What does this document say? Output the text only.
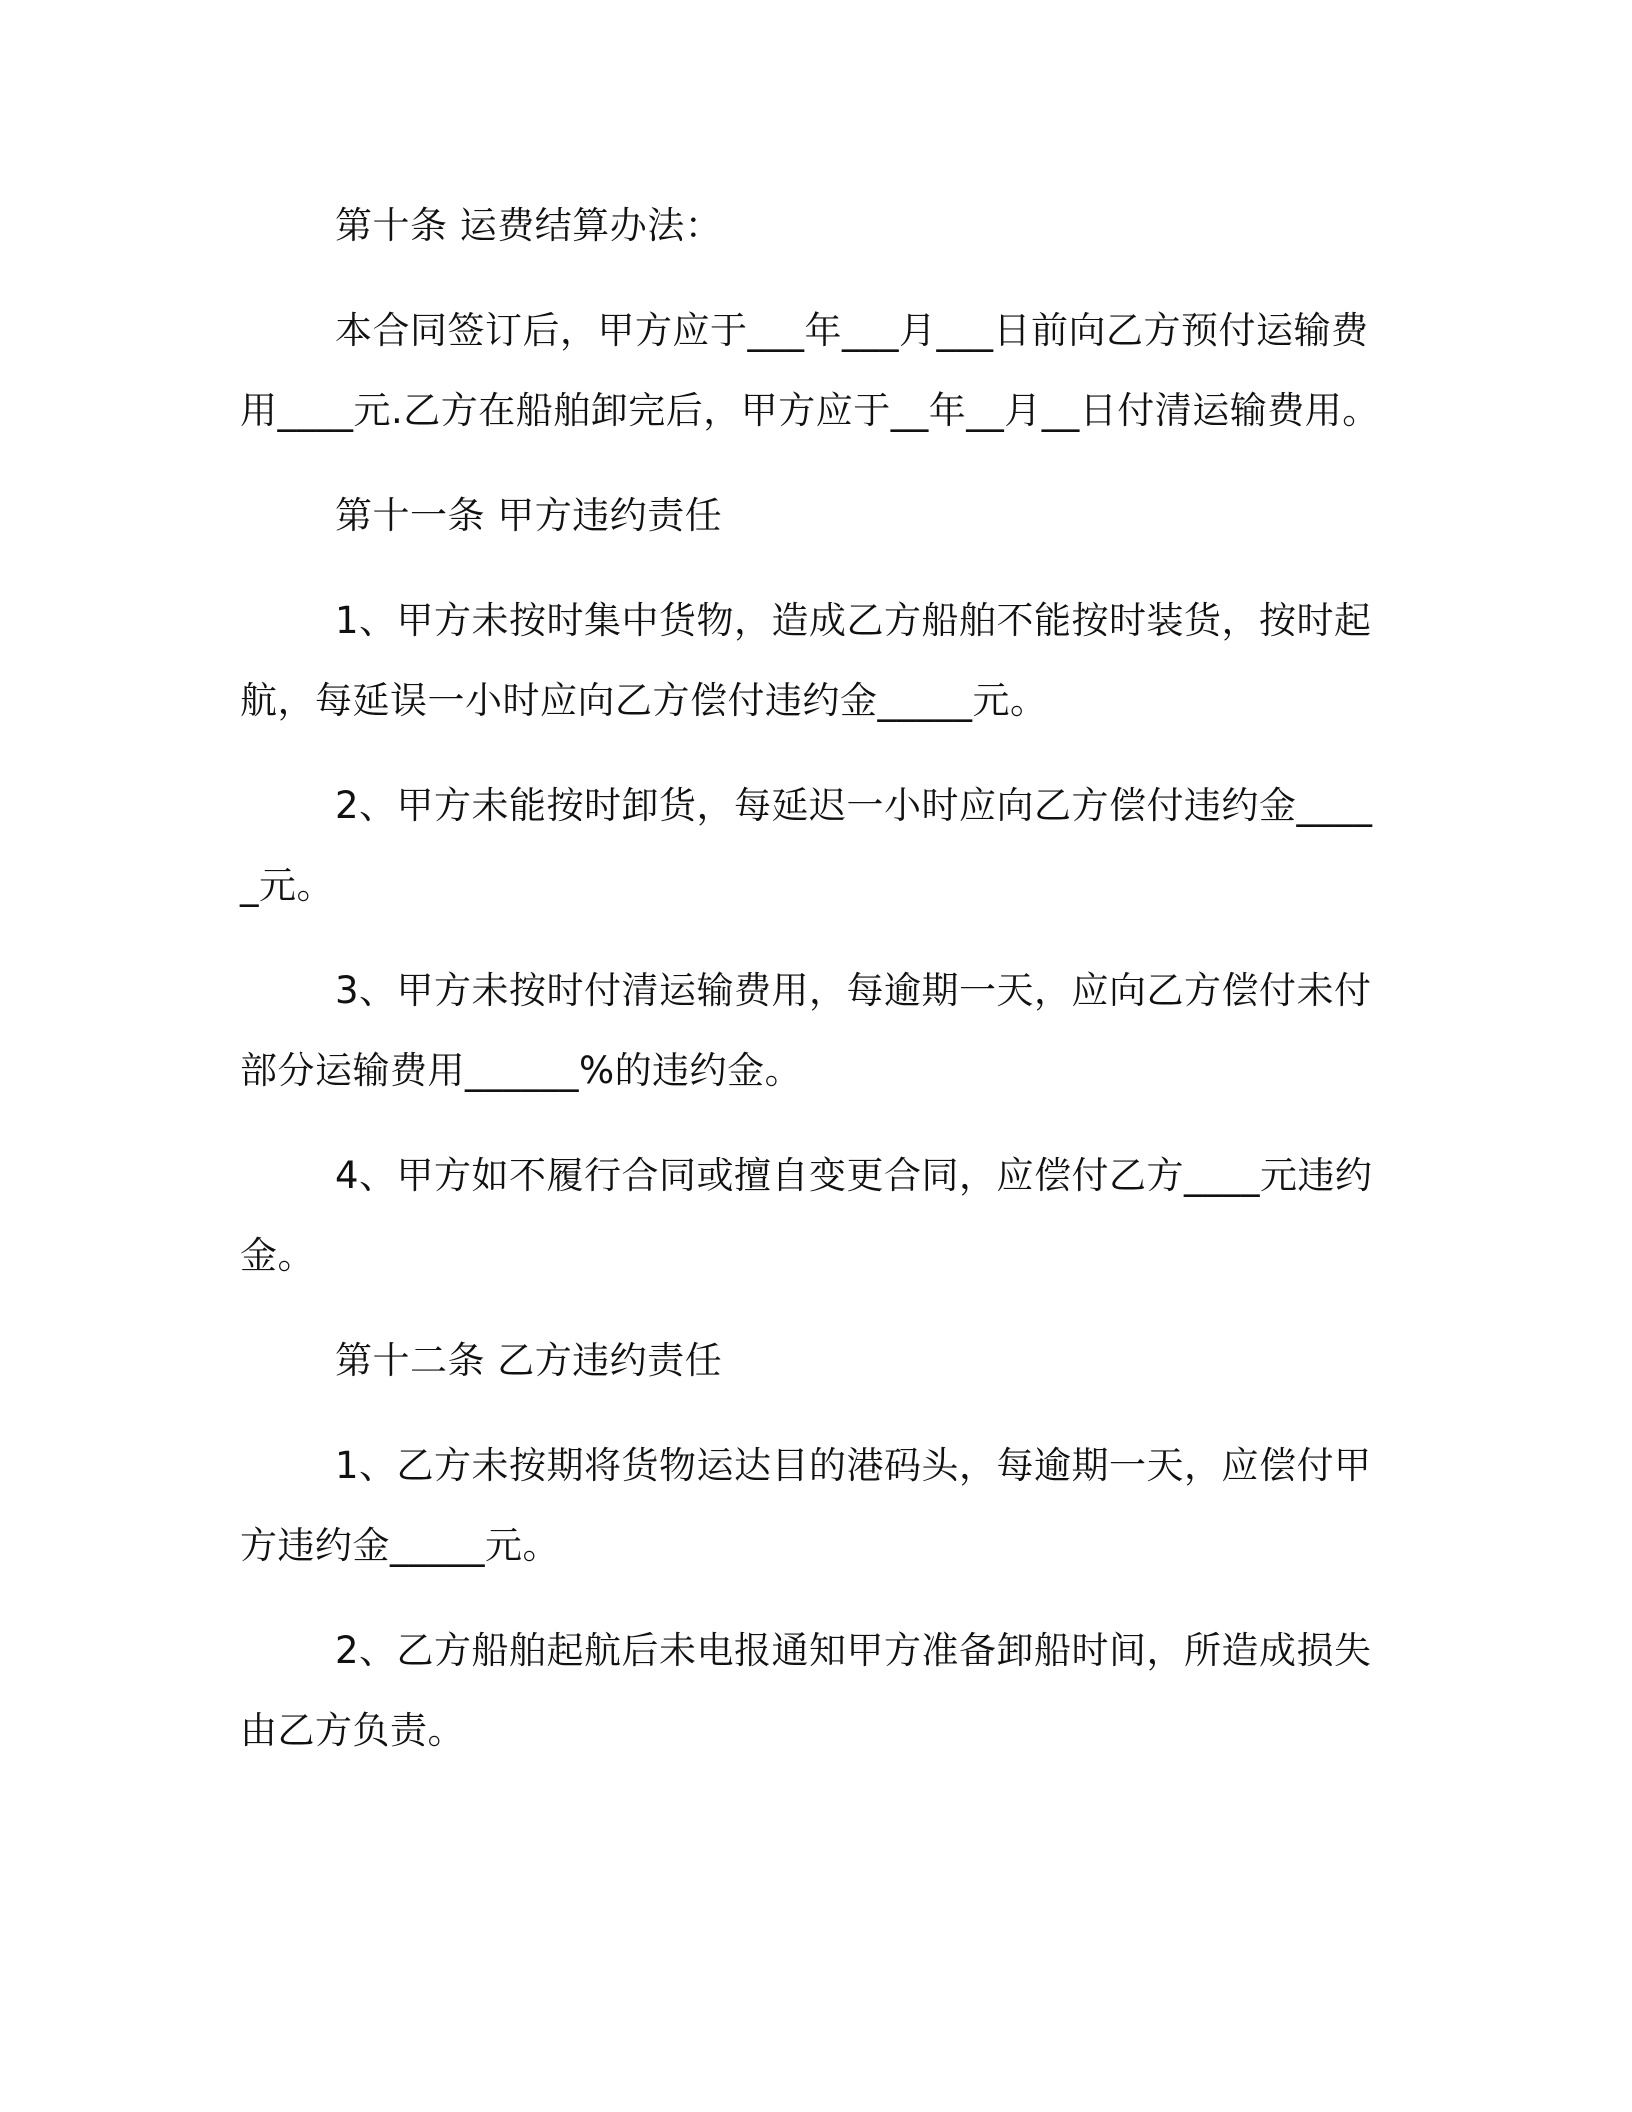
第十条 运费结算办法：

本合同签订后，甲方应于___年___月___日前向乙方预付运输费用____元.乙方在船舶卸完后，甲方应于__年__月__日付清运输费用。

第十一条 甲方违约责任

1、甲方未按时集中货物，造成乙方船舶不能按时装货，按时起航，每延误一小时应向乙方偿付违约金_____元。

2、甲方未能按时卸货，每延迟一小时应向乙方偿付违约金_____元。

3、甲方未按时付清运输费用，每逾期一天，应向乙方偿付未付部分运输费用______%的违约金。

4、甲方如不履行合同或擅自变更合同，应偿付乙方____元违约金。

第十二条 乙方违约责任

1、乙方未按期将货物运达目的港码头，每逾期一天，应偿付甲方违约金_____元。

2、乙方船舶起航后未电报通知甲方准备卸船时间，所造成损失由乙方负责。
